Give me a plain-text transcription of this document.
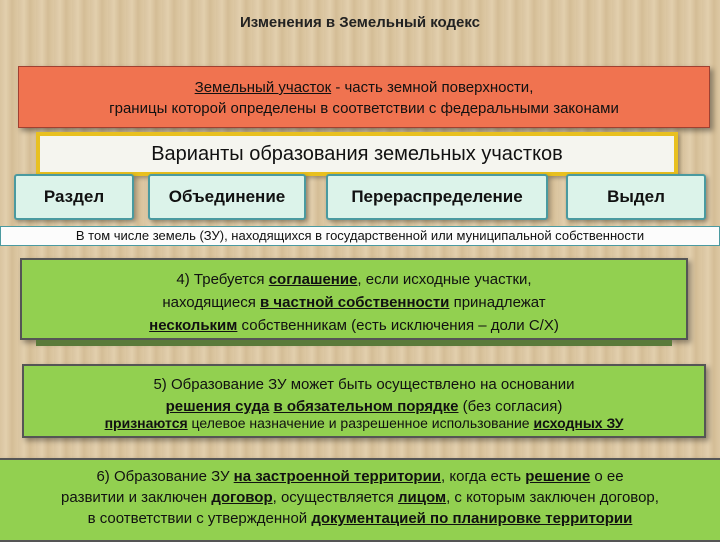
Изменения в Земельный кодекс
Земельный участок - часть земной поверхности,
границы которой определены в соответствии с федеральными законами
Варианты образования земельных участков
Раздел	Объединение	Перераспределение	Выдел
В том числе земель (ЗУ), находящихся в государственной или муниципальной собственности
4) Требуется соглашение, если исходные участки,
находящиеся в частной собственности принадлежат
нескольким собственникам (есть исключения – доли С/Х)
5) Образование ЗУ может быть осуществлено на основании
решения суда в обязательном порядке (без согласия)
признаются целевое назначение и разрешенное использование исходных ЗУ
6) Образование ЗУ на застроенной территории, когда есть решение о ее
развитии и заключен договор, осуществляется лицом, с которым заключен договор,
в соответствии с утвержденной документацией по планировке территории
